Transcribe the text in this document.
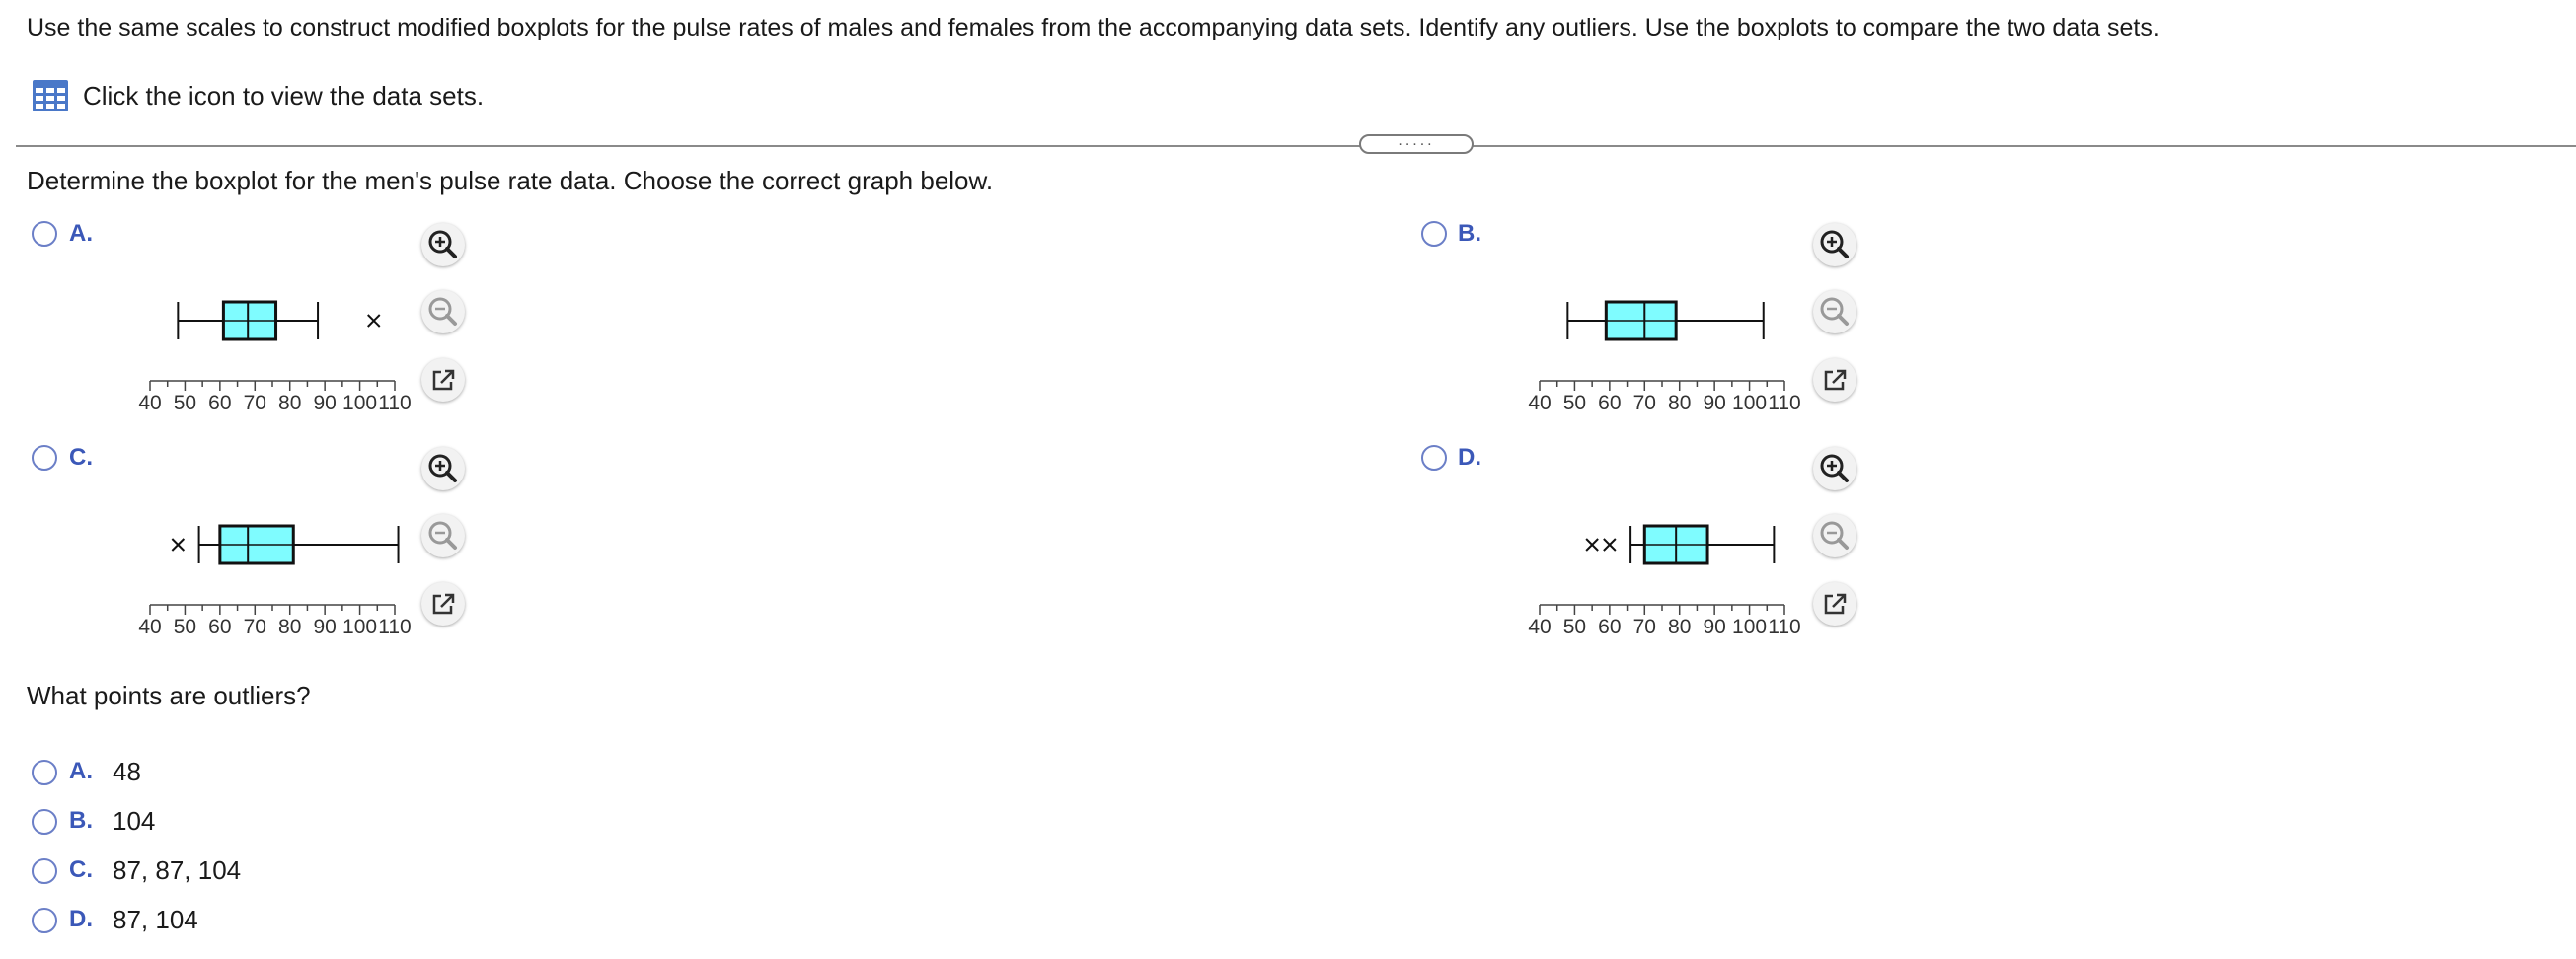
Use the same scales to construct modified boxplots for the pulse rates of males and females from the accompanying data sets. Identify any outliers. Use the boxplots to compare the two data sets.
Click the icon to view the data sets.
.....
Determine the boxplot for the men's pulse rate data. Choose the correct graph below.
A.
40 50 60 70 80 90 100 110
B.
40 50 60 70 80 90 100 110
C.
40 50 60 70 80 90 100 110
D.
40 50 60 70 80 90 100 110
What points are outliers?
A. 48
B. 104
C. 87, 87, 104
D. 87, 104
